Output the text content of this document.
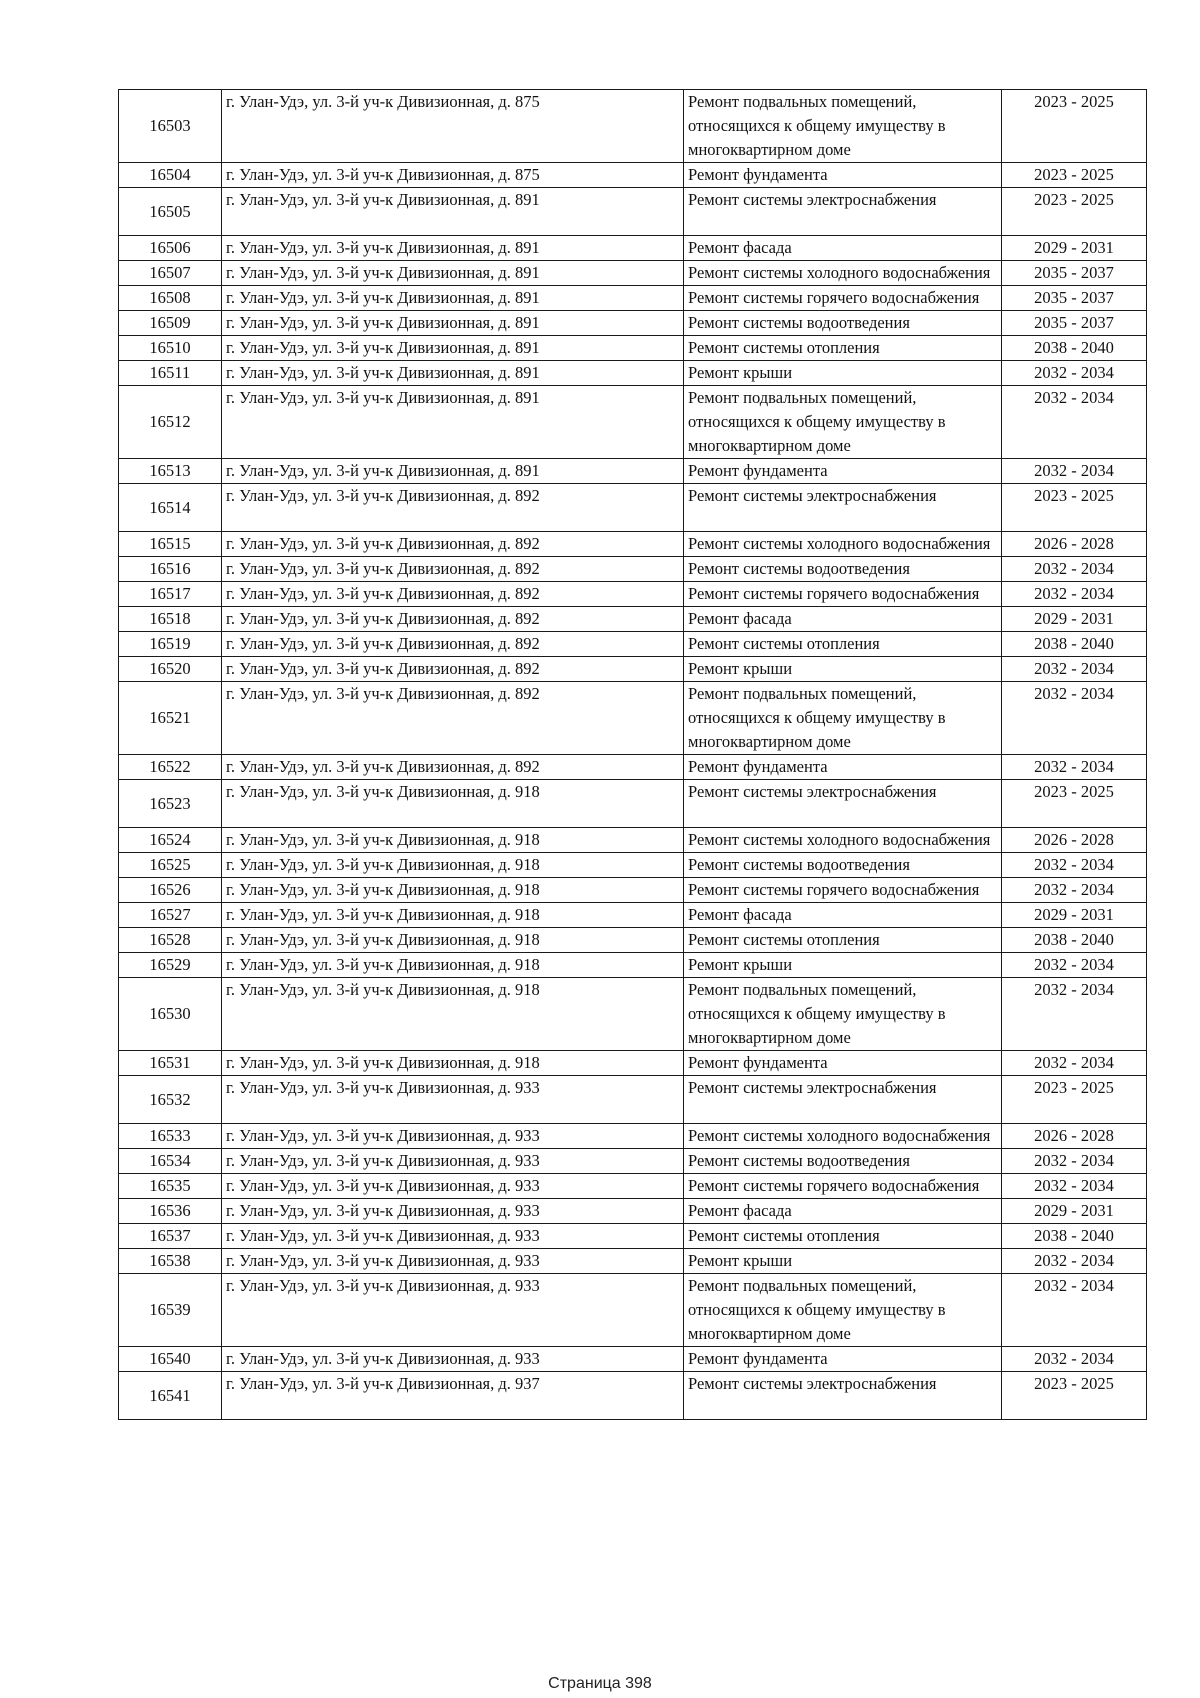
16503	г. Улан-Удэ, ул. 3-й уч-к Дивизионная, д. 875	Ремонт подвальных помещений, относящихся к общему имуществу в многоквартирном доме	2023 - 2025
16504	г. Улан-Удэ, ул. 3-й уч-к Дивизионная, д. 875	Ремонт фундамента	2023 - 2025
16505	г. Улан-Удэ, ул. 3-й уч-к Дивизионная, д. 891	Ремонт системы электроснабжения	2023 - 2025
16506	г. Улан-Удэ, ул. 3-й уч-к Дивизионная, д. 891	Ремонт фасада	2029 - 2031
16507	г. Улан-Удэ, ул. 3-й уч-к Дивизионная, д. 891	Ремонт системы холодного водоснабжения	2035 - 2037
16508	г. Улан-Удэ, ул. 3-й уч-к Дивизионная, д. 891	Ремонт системы горячего водоснабжения	2035 - 2037
16509	г. Улан-Удэ, ул. 3-й уч-к Дивизионная, д. 891	Ремонт системы водоотведения	2035 - 2037
16510	г. Улан-Удэ, ул. 3-й уч-к Дивизионная, д. 891	Ремонт системы отопления	2038 - 2040
16511	г. Улан-Удэ, ул. 3-й уч-к Дивизионная, д. 891	Ремонт крыши	2032 - 2034
16512	г. Улан-Удэ, ул. 3-й уч-к Дивизионная, д. 891	Ремонт подвальных помещений, относящихся к общему имуществу в многоквартирном доме	2032 - 2034
16513	г. Улан-Удэ, ул. 3-й уч-к Дивизионная, д. 891	Ремонт фундамента	2032 - 2034
16514	г. Улан-Удэ, ул. 3-й уч-к Дивизионная, д. 892	Ремонт системы электроснабжения	2023 - 2025
16515	г. Улан-Удэ, ул. 3-й уч-к Дивизионная, д. 892	Ремонт системы холодного водоснабжения	2026 - 2028
16516	г. Улан-Удэ, ул. 3-й уч-к Дивизионная, д. 892	Ремонт системы водоотведения	2032 - 2034
16517	г. Улан-Удэ, ул. 3-й уч-к Дивизионная, д. 892	Ремонт системы горячего водоснабжения	2032 - 2034
16518	г. Улан-Удэ, ул. 3-й уч-к Дивизионная, д. 892	Ремонт фасада	2029 - 2031
16519	г. Улан-Удэ, ул. 3-й уч-к Дивизионная, д. 892	Ремонт системы отопления	2038 - 2040
16520	г. Улан-Удэ, ул. 3-й уч-к Дивизионная, д. 892	Ремонт крыши	2032 - 2034
16521	г. Улан-Удэ, ул. 3-й уч-к Дивизионная, д. 892	Ремонт подвальных помещений, относящихся к общему имуществу в многоквартирном доме	2032 - 2034
16522	г. Улан-Удэ, ул. 3-й уч-к Дивизионная, д. 892	Ремонт фундамента	2032 - 2034
16523	г. Улан-Удэ, ул. 3-й уч-к Дивизионная, д. 918	Ремонт системы электроснабжения	2023 - 2025
16524	г. Улан-Удэ, ул. 3-й уч-к Дивизионная, д. 918	Ремонт системы холодного водоснабжения	2026 - 2028
16525	г. Улан-Удэ, ул. 3-й уч-к Дивизионная, д. 918	Ремонт системы водоотведения	2032 - 2034
16526	г. Улан-Удэ, ул. 3-й уч-к Дивизионная, д. 918	Ремонт системы горячего водоснабжения	2032 - 2034
16527	г. Улан-Удэ, ул. 3-й уч-к Дивизионная, д. 918	Ремонт фасада	2029 - 2031
16528	г. Улан-Удэ, ул. 3-й уч-к Дивизионная, д. 918	Ремонт системы отопления	2038 - 2040
16529	г. Улан-Удэ, ул. 3-й уч-к Дивизионная, д. 918	Ремонт крыши	2032 - 2034
16530	г. Улан-Удэ, ул. 3-й уч-к Дивизионная, д. 918	Ремонт подвальных помещений, относящихся к общему имуществу в многоквартирном доме	2032 - 2034
16531	г. Улан-Удэ, ул. 3-й уч-к Дивизионная, д. 918	Ремонт фундамента	2032 - 2034
16532	г. Улан-Удэ, ул. 3-й уч-к Дивизионная, д. 933	Ремонт системы электроснабжения	2023 - 2025
16533	г. Улан-Удэ, ул. 3-й уч-к Дивизионная, д. 933	Ремонт системы холодного водоснабжения	2026 - 2028
16534	г. Улан-Удэ, ул. 3-й уч-к Дивизионная, д. 933	Ремонт системы водоотведения	2032 - 2034
16535	г. Улан-Удэ, ул. 3-й уч-к Дивизионная, д. 933	Ремонт системы горячего водоснабжения	2032 - 2034
16536	г. Улан-Удэ, ул. 3-й уч-к Дивизионная, д. 933	Ремонт фасада	2029 - 2031
16537	г. Улан-Удэ, ул. 3-й уч-к Дивизионная, д. 933	Ремонт системы отопления	2038 - 2040
16538	г. Улан-Удэ, ул. 3-й уч-к Дивизионная, д. 933	Ремонт крыши	2032 - 2034
16539	г. Улан-Удэ, ул. 3-й уч-к Дивизионная, д. 933	Ремонт подвальных помещений, относящихся к общему имуществу в многоквартирном доме	2032 - 2034
16540	г. Улан-Удэ, ул. 3-й уч-к Дивизионная, д. 933	Ремонт фундамента	2032 - 2034
16541	г. Улан-Удэ, ул. 3-й уч-к Дивизионная, д. 937	Ремонт системы электроснабжения	2023 - 2025
Страница 398
